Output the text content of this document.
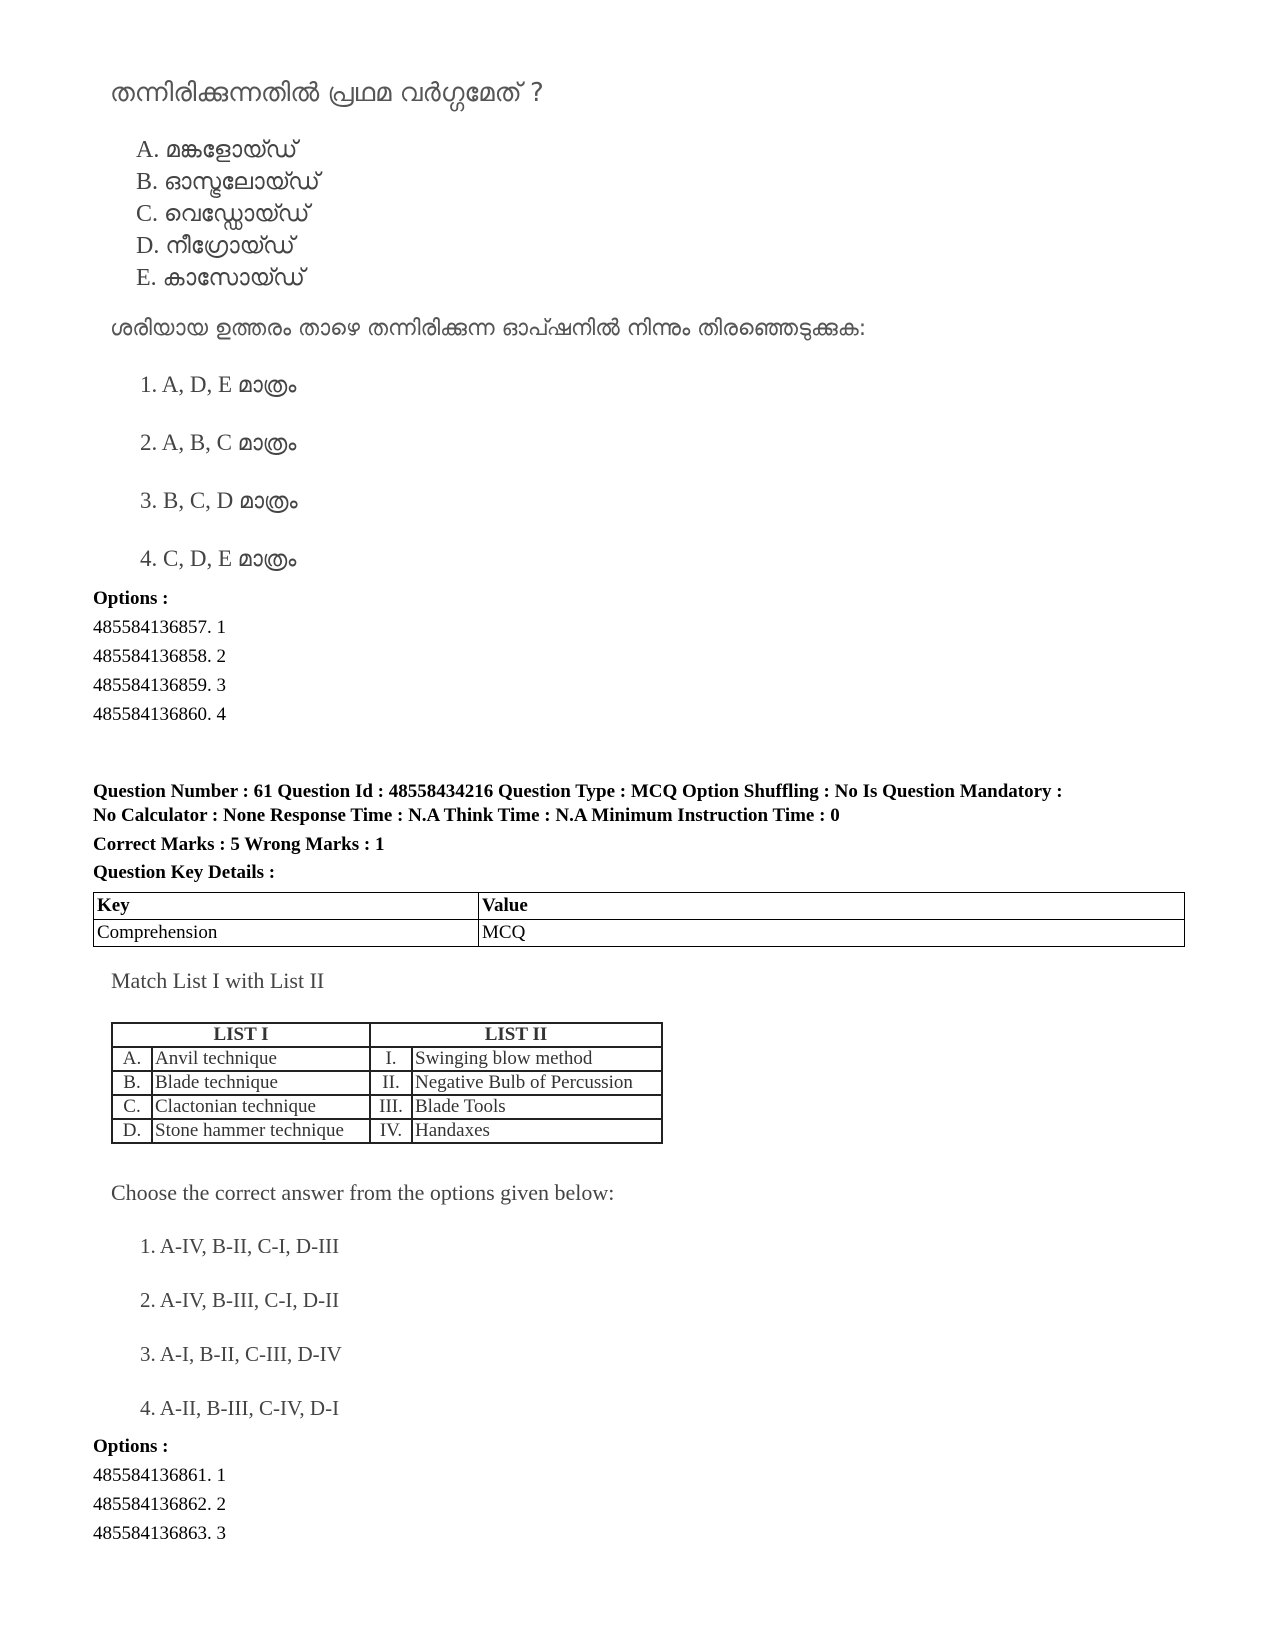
തന്നിരിക്കുന്നതിൽ പ്രഥമ വർഗ്ഗമേത് ?
A. മങ്കളോയ്ഡ്
B. ഓസ്ട്രലോയ്ഡ്
C. വെഡ്ഡോയ്ഡ്
D. നീഗ്രോയ്ഡ്
E. കാസോയ്ഡ്
ശരിയായ ഉത്തരം താഴെ തന്നിരിക്കുന്ന ഓപ്ഷനിൽ നിന്നും തിരഞ്ഞെടുക്കുക:
1. A, D, E മാത്രം
2. A, B, C മാത്രം
3. B, C, D മാത്രം
4. C, D, E മാത്രം
Options :
485584136857. 1
485584136858. 2
485584136859. 3
485584136860. 4
Question Number : 61 Question Id : 48558434216 Question Type : MCQ Option Shuffling : No Is Question Mandatory :
No Calculator : None Response Time : N.A Think Time : N.A Minimum Instruction Time : 0
Correct Marks : 5 Wrong Marks : 1
Question Key Details :
Key	Value
Comprehension	MCQ
Match List I with List II
LIST I		LIST II	
A.	Anvil technique	I.	Swinging blow method
B.	Blade technique	II.	Negative Bulb of Percussion
C.	Clactonian technique	III.	Blade Tools
D.	Stone hammer technique	IV.	Handaxes
Choose the correct answer from the options given below:
1. A-IV, B-II, C-I, D-III
2. A-IV, B-III, C-I, D-II
3. A-I, B-II, C-III, D-IV
4. A-II, B-III, C-IV, D-I
Options :
485584136861. 1
485584136862. 2
485584136863. 3
